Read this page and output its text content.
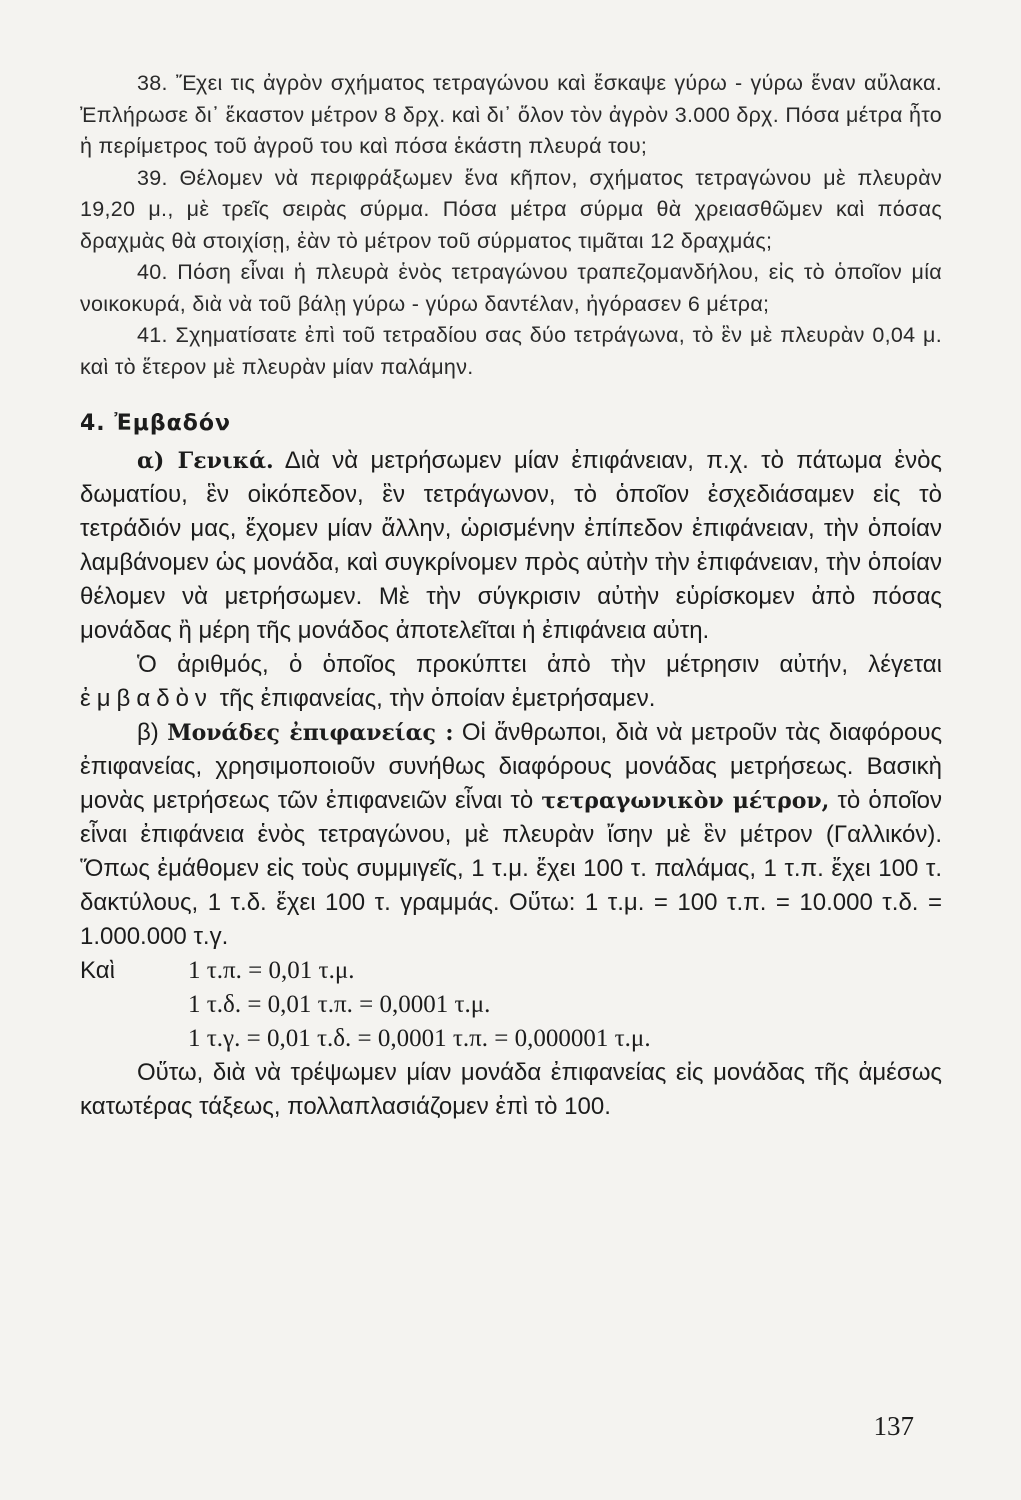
38. Ἔχει τις ἀγρὸν σχήματος τετραγώνου καὶ ἔσκαψε γύρω - γύρω ἕναν αὔλακα. Ἐπλήρωσε δι᾽ ἕκαστον μέτρον 8 δρχ. καὶ δι᾽ ὅλον τὸν ἀγρὸν 3.000 δρχ. Πόσα μέτρα ἦτο ἡ περίμετρος τοῦ ἀγροῦ του καὶ πόσα ἑκάστη πλευρά του;

39. Θέλομεν νὰ περιφράξωμεν ἕνα κῆπον, σχήματος τετραγώνου μὲ πλευρὰν 19,20 μ., μὲ τρεῖς σειρὰς σύρμα. Πόσα μέτρα σύρμα θὰ χρειασθῶμεν καὶ πόσας δραχμὰς θὰ στοιχίσῃ, ἐὰν τὸ μέτρον τοῦ σύρματος τιμᾶται 12 δραχμάς;

40. Πόση εἶναι ἡ πλευρὰ ἑνὸς τετραγώνου τραπεζομανδήλου, εἰς τὸ ὁποῖον μία νοικοκυρά, διὰ νὰ τοῦ βάλῃ γύρω - γύρω δαντέλαν, ἠγόρασεν 6 μέτρα;

41. Σχηματίσατε ἐπὶ τοῦ τετραδίου σας δύο τετράγωνα, τὸ ἓν μὲ πλευρὰν 0,04 μ. καὶ τὸ ἕτερον μὲ πλευρὰν μίαν παλάμην.

4. Ἐμβαδόν

α) Γενικά. Διὰ νὰ μετρήσωμεν μίαν ἐπιφάνειαν, π.χ. τὸ πάτωμα ἑνὸς δωματίου, ἓν οἰκόπεδον, ἓν τετράγωνον, τὸ ὁποῖον ἐσχεδιάσαμεν εἰς τὸ τετράδιόν μας, ἔχομεν μίαν ἄλλην, ὡρισμένην ἐπίπεδον ἐπιφάνειαν, τὴν ὁποίαν λαμβάνομεν ὡς μονάδα, καὶ συγκρίνομεν πρὸς αὐτὴν τὴν ἐπιφάνειαν, τὴν ὁποίαν θέλομεν νὰ μετρήσωμεν. Μὲ τὴν σύγκρισιν αὐτὴν εὑρίσκομεν ἀπὸ πόσας μονάδας ἢ μέρη τῆς μονάδος ἀποτελεῖται ἡ ἐπιφάνεια αὐτη.

Ὁ ἀριθμός, ὁ ὁποῖος προκύπτει ἀπὸ τὴν μέτρησιν αὐτήν, λέγεται ἐμβαδὸν τῆς ἐπιφανείας, τὴν ὁποίαν ἐμετρήσαμεν.

β) Μονάδες ἐπιφανείας : Οἱ ἄνθρωποι, διὰ νὰ μετροῦν τὰς διαφόρους ἐπιφανείας, χρησιμοποιοῦν συνήθως διαφόρους μονάδας μετρήσεως. Βασικὴ μονὰς μετρήσεως τῶν ἐπιφανειῶν εἶναι τὸ τετραγωνικὸν μέτρον, τὸ ὁποῖον εἶναι ἐπιφάνεια ἑνὸς τετραγώνου, μὲ πλευρὰν ἴσην μὲ ἓν μέτρον (Γαλλικόν). Ὅπως ἐμάθομεν εἰς τοὺς συμμιγεῖς, 1 τ.μ. ἔχει 100 τ. παλάμας, 1 τ.π. ἔχει 100 τ. δακτύλους, 1 τ.δ. ἔχει 100 τ. γραμμάς. Οὕτω: 1 τ.μ. = 100 τ.π. = 10.000 τ.δ. = 1.000.000 τ.γ.

Καὶ	1 τ.π. = 0,01 τ.μ.
1 τ.δ. = 0,01 τ.π. = 0,0001 τ.μ.
1 τ.γ. = 0,01 τ.δ. = 0,0001 τ.π. = 0,000001 τ.μ.

Οὕτω, διὰ νὰ τρέψωμεν μίαν μονάδα ἐπιφανείας εἰς μονάδας τῆς ἀμέσως κατωτέρας τάξεως, πολλαπλασιάζομεν ἐπὶ τὸ 100.

137
